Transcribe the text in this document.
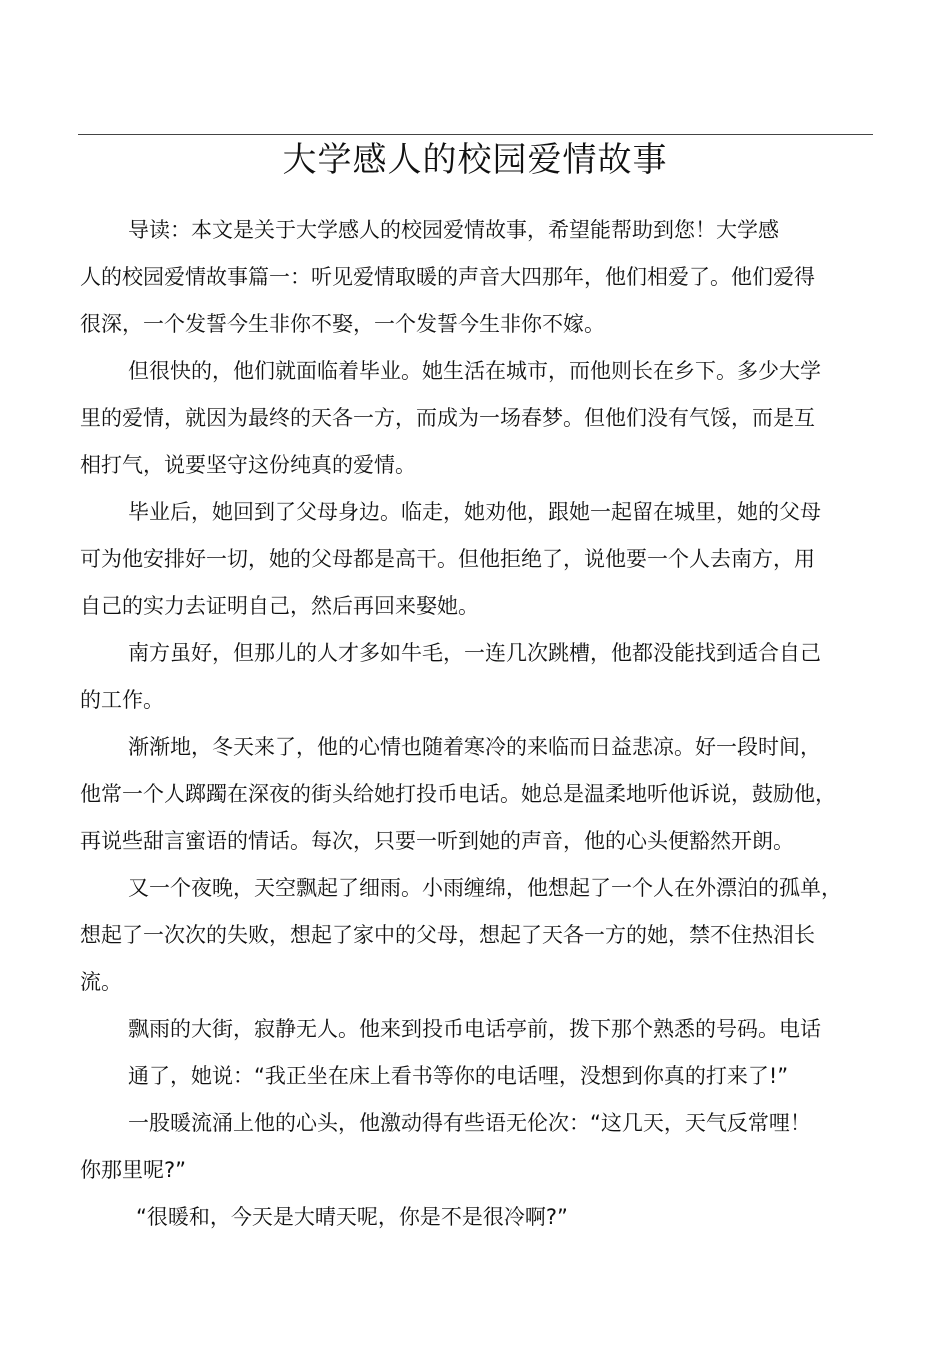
大学感人的校园爱情故事
导读：本文是关于大学感人的校园爱情故事，希望能帮助到您！大学感
人的校园爱情故事篇一：听见爱情取暖的声音大四那年，他们相爱了。他们爱得
很深，一个发誓今生非你不娶，一个发誓今生非你不嫁。
但很快的，他们就面临着毕业。她生活在城市，而他则长在乡下。多少大学
里的爱情，就因为最终的天各一方，而成为一场春梦。但他们没有气馁，而是互
相打气，说要坚守这份纯真的爱情。
毕业后，她回到了父母身边。临走，她劝他，跟她一起留在城里，她的父母
可为他安排好一切，她的父母都是高干。但他拒绝了，说他要一个人去南方，用
自己的实力去证明自己，然后再回来娶她。
南方虽好，但那儿的人才多如牛毛，一连几次跳槽，他都没能找到适合自己
的工作。
渐渐地，冬天来了，他的心情也随着寒冷的来临而日益悲凉。好一段时间，
他常一个人踯躅在深夜的街头给她打投币电话。她总是温柔地听他诉说，鼓励他，
再说些甜言蜜语的情话。每次，只要一听到她的声音，他的心头便豁然开朗。
又一个夜晚，天空飘起了细雨。小雨缠绵，他想起了一个人在外漂泊的孤单，
想起了一次次的失败，想起了家中的父母，想起了天各一方的她，禁不住热泪长
流。
飘雨的大街，寂静无人。他来到投币电话亭前，拨下那个熟悉的号码。电话
通了，她说：“我正坐在床上看书等你的电话哩，没想到你真的打来了!”
一股暖流涌上他的心头，他激动得有些语无伦次：“这几天，天气反常哩！
你那里呢?”
“很暖和，今天是大晴天呢，你是不是很冷啊?”
